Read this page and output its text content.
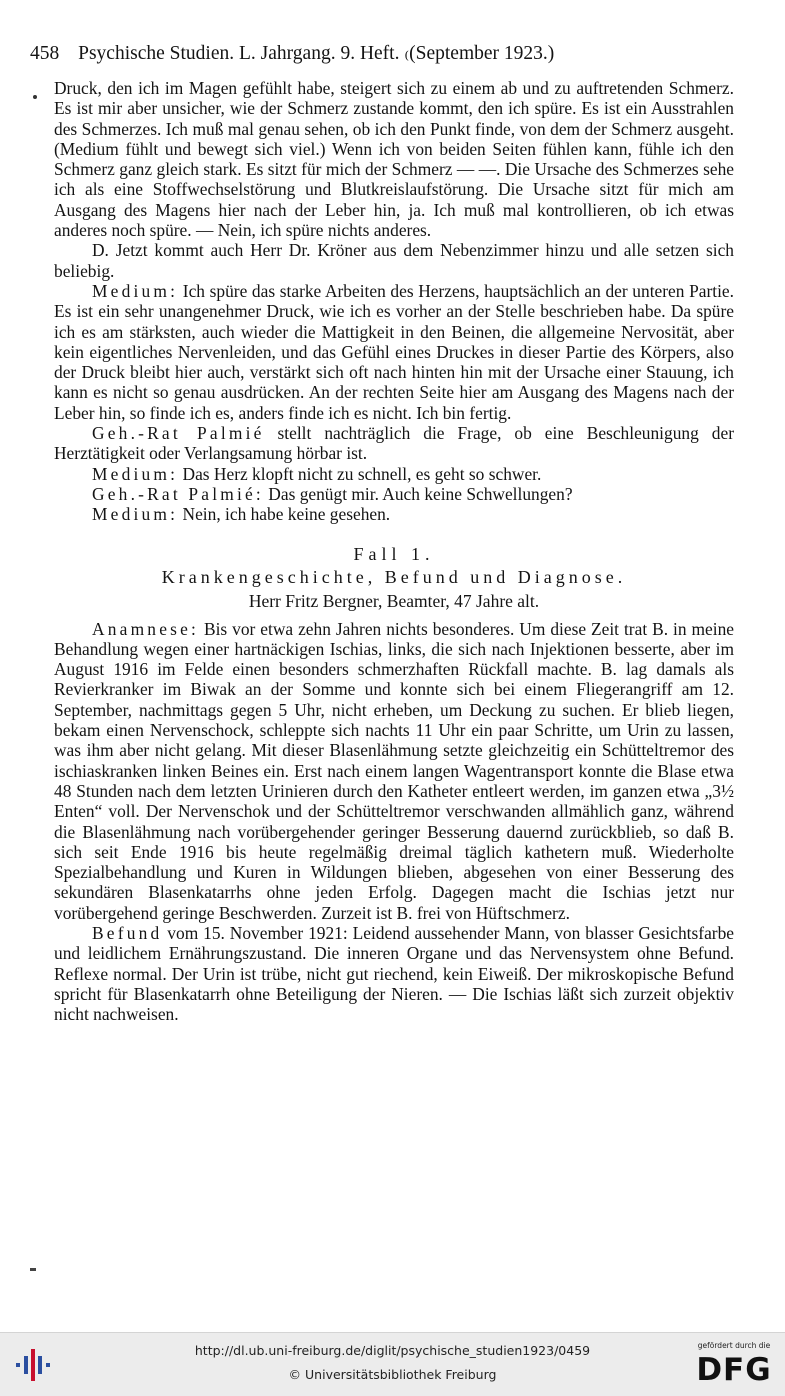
458 Psychische Studien. L. Jahrgang. 9. Heft. ₍(September 1923.)

Druck, den ich im Magen gefühlt habe, steigert sich zu einem ab und zu auftretenden Schmerz. Es ist mir aber unsicher, wie der Schmerz zustande kommt, den ich spüre. Es ist ein Ausstrahlen des Schmerzes. Ich muß mal genau sehen, ob ich den Punkt finde, von dem der Schmerz ausgeht. (Medium fühlt und bewegt sich viel.) Wenn ich von beiden Seiten fühlen kann, fühle ich den Schmerz ganz gleich stark. Es sitzt für mich der Schmerz — —. Die Ursache des Schmerzes sehe ich als eine Stoffwechselstörung und Blutkreislaufstörung. Die Ursache sitzt für mich am Ausgang des Magens hier nach der Leber hin, ja. Ich muß mal kontrollieren, ob ich etwas anderes noch spüre. — Nein, ich spüre nichts anderes.

D. Jetzt kommt auch Herr Dr. Kröner aus dem Nebenzimmer hinzu und alle setzen sich beliebig.

Medium: Ich spüre das starke Arbeiten des Herzens, hauptsächlich an der unteren Partie. Es ist ein sehr unangenehmer Druck, wie ich es vorher an der Stelle beschrieben habe. Da spüre ich es am stärksten, auch wieder die Mattigkeit in den Beinen, die allgemeine Nervosität, aber kein eigentliches Nervenleiden, und das Gefühl eines Druckes in dieser Partie des Körpers, also der Druck bleibt hier auch, verstärkt sich oft nach hinten hin mit der Ursache einer Stauung, ich kann es nicht so genau ausdrücken. An der rechten Seite hier am Ausgang des Magens nach der Leber hin, so finde ich es, anders finde ich es nicht. Ich bin fertig.

Geh.-Rat Palmié stellt nachträglich die Frage, ob eine Beschleunigung der Herztätigkeit oder Verlangsamung hörbar ist.

Medium: Das Herz klopft nicht zu schnell, es geht so schwer.

Geh.-Rat Palmié: Das genügt mir. Auch keine Schwellungen?

Medium: Nein, ich habe keine gesehen.

Fall 1.
Krankengeschichte, Befund und Diagnose.
Herr Fritz Bergner, Beamter, 47 Jahre alt.

Anamnese: Bis vor etwa zehn Jahren nichts besonderes. Um diese Zeit trat B. in meine Behandlung wegen einer hartnäckigen Ischias, links, die sich nach Injektionen besserte, aber im August 1916 im Felde einen besonders schmerzhaften Rückfall machte. B. lag damals als Revierkranker im Biwak an der Somme und konnte sich bei einem Fliegerangriff am 12. September, nachmittags gegen 5 Uhr, nicht erheben, um Deckung zu suchen. Er blieb liegen, bekam einen Nervenschock, schleppte sich nachts 11 Uhr ein paar Schritte, um Urin zu lassen, was ihm aber nicht gelang. Mit dieser Blasenlähmung setzte gleichzeitig ein Schütteltremor des ischiaskranken linken Beines ein. Erst nach einem langen Wagentransport konnte die Blase etwa 48 Stunden nach dem letzten Urinieren durch den Katheter entleert werden, im ganzen etwa „3½ Enten“ voll. Der Nervenschok und der Schütteltremor verschwanden allmählich ganz, während die Blasenlähmung nach vorübergehender geringer Besserung dauernd zurückblieb, so daß B. sich seit Ende 1916 bis heute regelmäßig dreimal täglich kathetern muß. Wiederholte Spezialbehandlung und Kuren in Wildungen blieben, abgesehen von einer Besserung des sekundären Blasenkatarrhs ohne jeden Erfolg. Dagegen macht die Ischias jetzt nur vorübergehend geringe Beschwerden. Zurzeit ist B. frei von Hüftschmerz.

Befund vom 15. November 1921: Leidend aussehender Mann, von blasser Gesichtsfarbe und leidlichem Ernährungszustand. Die inneren Organe und das Nervensystem ohne Befund. Reflexe normal. Der Urin ist trübe, nicht gut riechend, kein Eiweiß. Der mikroskopische Befund spricht für Blasenkatarrh ohne Beteiligung der Nieren. — Die Ischias läßt sich zurzeit objektiv nicht nachweisen.

http://dl.ub.uni-freiburg.de/diglit/psychische_studien1923/0459
© Universitätsbibliothek Freiburg
gefördert durch die
DFG
